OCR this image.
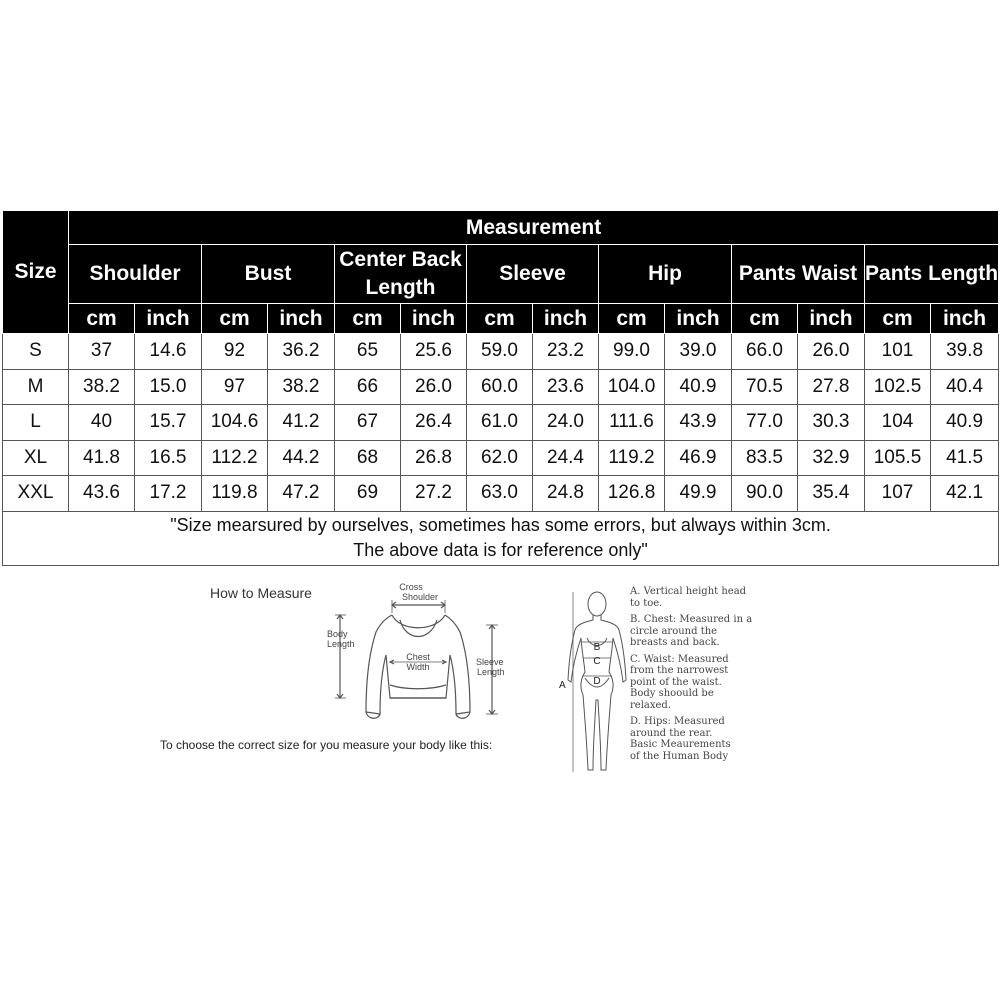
Size	Measurement													
	Shoulder		Bust		Center Back Length		Sleeve		Hip		Pants Waist		Pants Length	
	cm	inch	cm	inch	cm	inch	cm	inch	cm	inch	cm	inch	cm	inch
S	37	14.6	92	36.2	65	25.6	59.0	23.2	99.0	39.0	66.0	26.0	101	39.8
M	38.2	15.0	97	38.2	66	26.0	60.0	23.6	104.0	40.9	70.5	27.8	102.5	40.4
L	40	15.7	104.6	41.2	67	26.4	61.0	24.0	111.6	43.9	77.0	30.3	104	40.9
XL	41.8	16.5	112.2	44.2	68	26.8	62.0	24.4	119.2	46.9	83.5	32.9	105.5	41.5
XXL	43.6	17.2	119.8	47.2	69	27.2	63.0	24.8	126.8	49.9	90.0	35.4	107	42.1

"Size mearsured by ourselves, sometimes has some errors, but always within 3cm.
The above data is for reference only"														
How to Measure	Cross
Shoulder
Body
Length
Chest
Width	Sleeve
Length
To choose the correct size for you measure your body like this:
B
C
D
A
A. Vertical height head
to toe.
B. Chest: Measured in a
circle around the
breasts and back.
C. Waist: Measured
from the narrowest
point of the waist.
Body shoould be
relaxed.
D. Hips: Measured
around the rear.
Basic Meaurements
of the Human Body
